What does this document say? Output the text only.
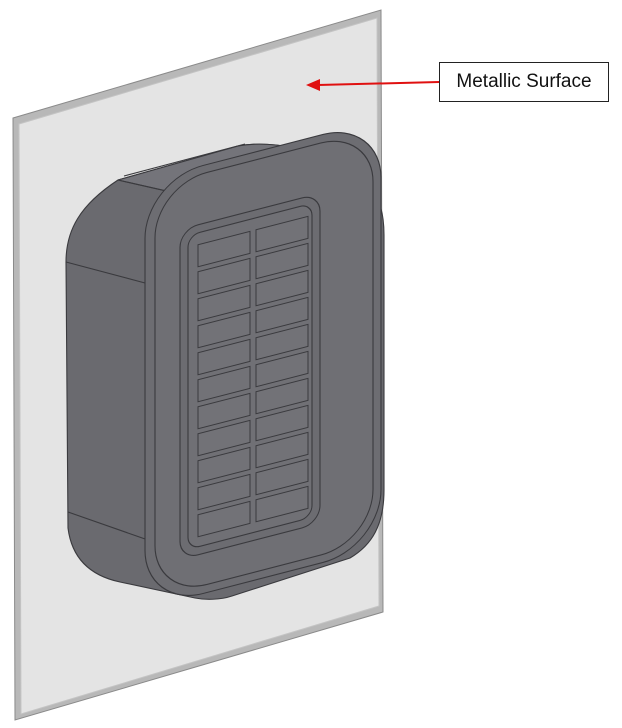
Metallic Surface
